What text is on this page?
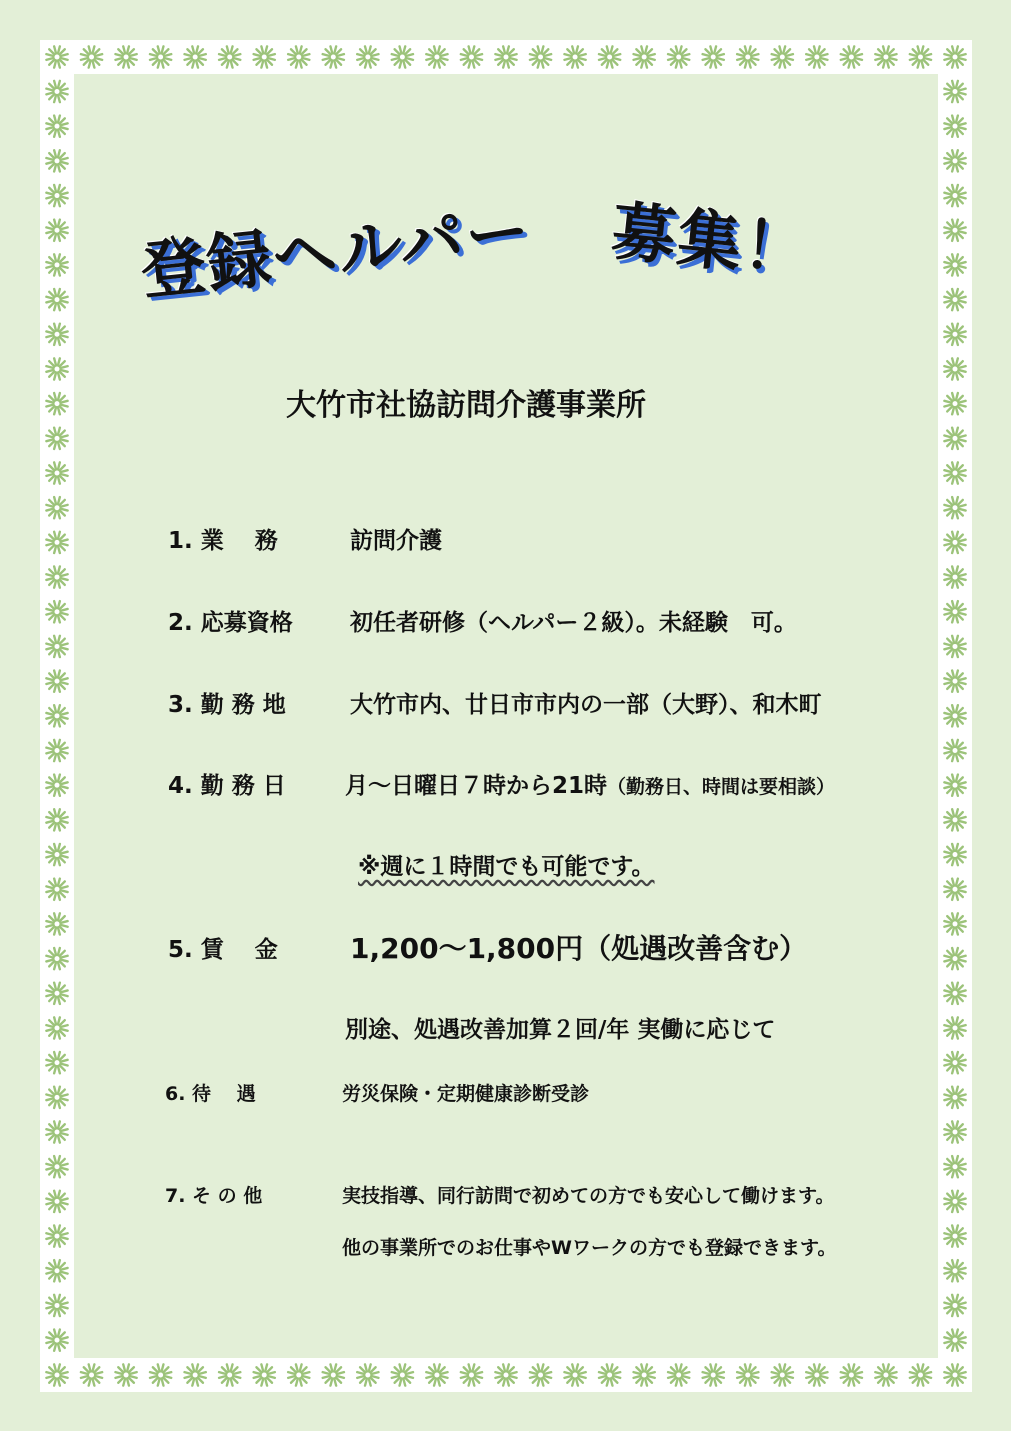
登録ヘルパー 募集！
大竹市社協訪問介護事業所
1. 業　 務	訪問介護
2. 応募資格 初任者研修（ヘルパー２級）。未経験　可。
3. 勤 務 地	大竹市内、廿日市市内の一部（大野）、和木町
4. 勤 務 日	月～日曜日７時から21時（勤務日、時間は要相談）
※週に１時間でも可能です。
5. 賃　 金	1,200～1,800円（処遇改善含む）
別途、処遇改善加算２回/年 実働に応じて
6. 待　 遇	労災保険・定期健康診断受診
7. そ の 他	実技指導、同行訪問で初めての方でも安心して働けます。
他の事業所でのお仕事やWワークの方でも登録できます。
